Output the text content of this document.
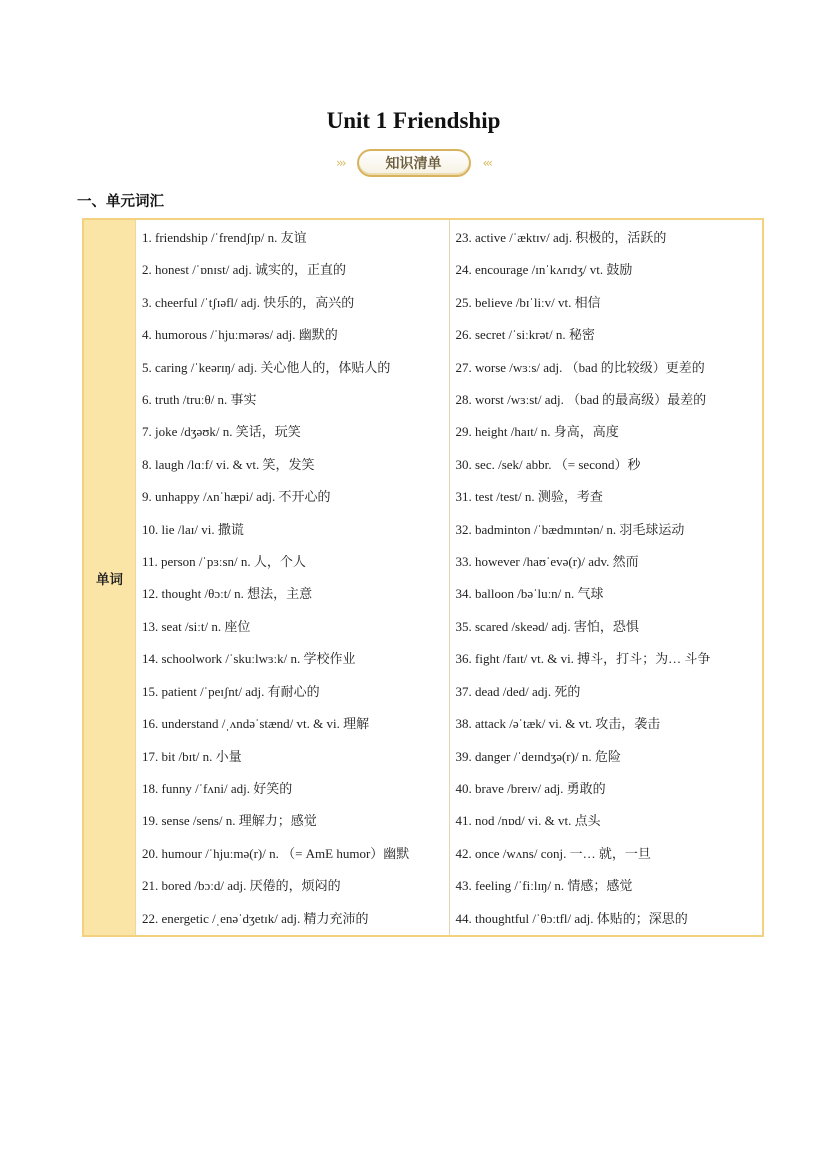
Unit 1 Friendship
›››	知识清单	‹‹‹
一、单元词汇
单词
1. friendship /ˈfrendʃɪp/ n. 友谊
2. honest /ˈɒnɪst/ adj. 诚实的，正直的
3. cheerful /ˈtʃɪəfl/ adj. 快乐的，高兴的
4. humorous /ˈhjuːmərəs/ adj. 幽默的
5. caring /ˈkeərɪŋ/ adj. 关心他人的，体贴人的
6. truth /truːθ/ n. 事实
7. joke /dʒəʊk/ n. 笑话，玩笑
8. laugh /lɑːf/ vi. & vt. 笑，发笑
9. unhappy /ʌnˈhæpi/ adj. 不开心的
10. lie /laɪ/ vi. 撒谎
11. person /ˈpɜːsn/ n. 人，个人
12. thought /θɔːt/ n. 想法，主意
13. seat /siːt/ n. 座位
14. schoolwork /ˈskuːlwɜːk/ n. 学校作业
15. patient /ˈpeɪʃnt/ adj. 有耐心的
16. understand /ˌʌndəˈstænd/ vt. & vi. 理解
17. bit /bɪt/ n. 小量
18. funny /ˈfʌni/ adj. 好笑的
19. sense /sens/ n. 理解力；感觉
20. humour /ˈhjuːmə(r)/ n. （= AmE humor）幽默
21. bored /bɔːd/ adj. 厌倦的，烦闷的
22. energetic /ˌenəˈdʒetɪk/ adj. 精力充沛的
23. active /ˈæktɪv/ adj. 积极的，活跃的
24. encourage /ɪnˈkʌrɪdʒ/ vt. 鼓励
25. believe /bɪˈliːv/ vt. 相信
26. secret /ˈsiːkrət/ n. 秘密
27. worse /wɜːs/ adj. （bad 的比较级）更差的
28. worst /wɜːst/ adj. （bad 的最高级）最差的
29. height /haɪt/ n. 身高，高度
30. sec. /sek/ abbr. （= second）秒
31. test /test/ n. 测验，考查
32. badminton /ˈbædmɪntən/ n. 羽毛球运动
33. however /haʊˈevə(r)/ adv. 然而
34. balloon /bəˈluːn/ n. 气球
35. scared /skeəd/ adj. 害怕，恐惧
36. fight /faɪt/ vt. & vi. 搏斗，打斗；为… 斗争
37. dead /ded/ adj. 死的
38. attack /əˈtæk/ vi. & vt. 攻击，袭击
39. danger /ˈdeɪndʒə(r)/ n. 危险
40. brave /breɪv/ adj. 勇敢的
41. nod /nɒd/ vi. & vt. 点头
42. once /wʌns/ conj. 一… 就，一旦
43. feeling /ˈfiːlɪŋ/ n. 情感；感觉
44. thoughtful /ˈθɔːtfl/ adj. 体贴的；深思的
